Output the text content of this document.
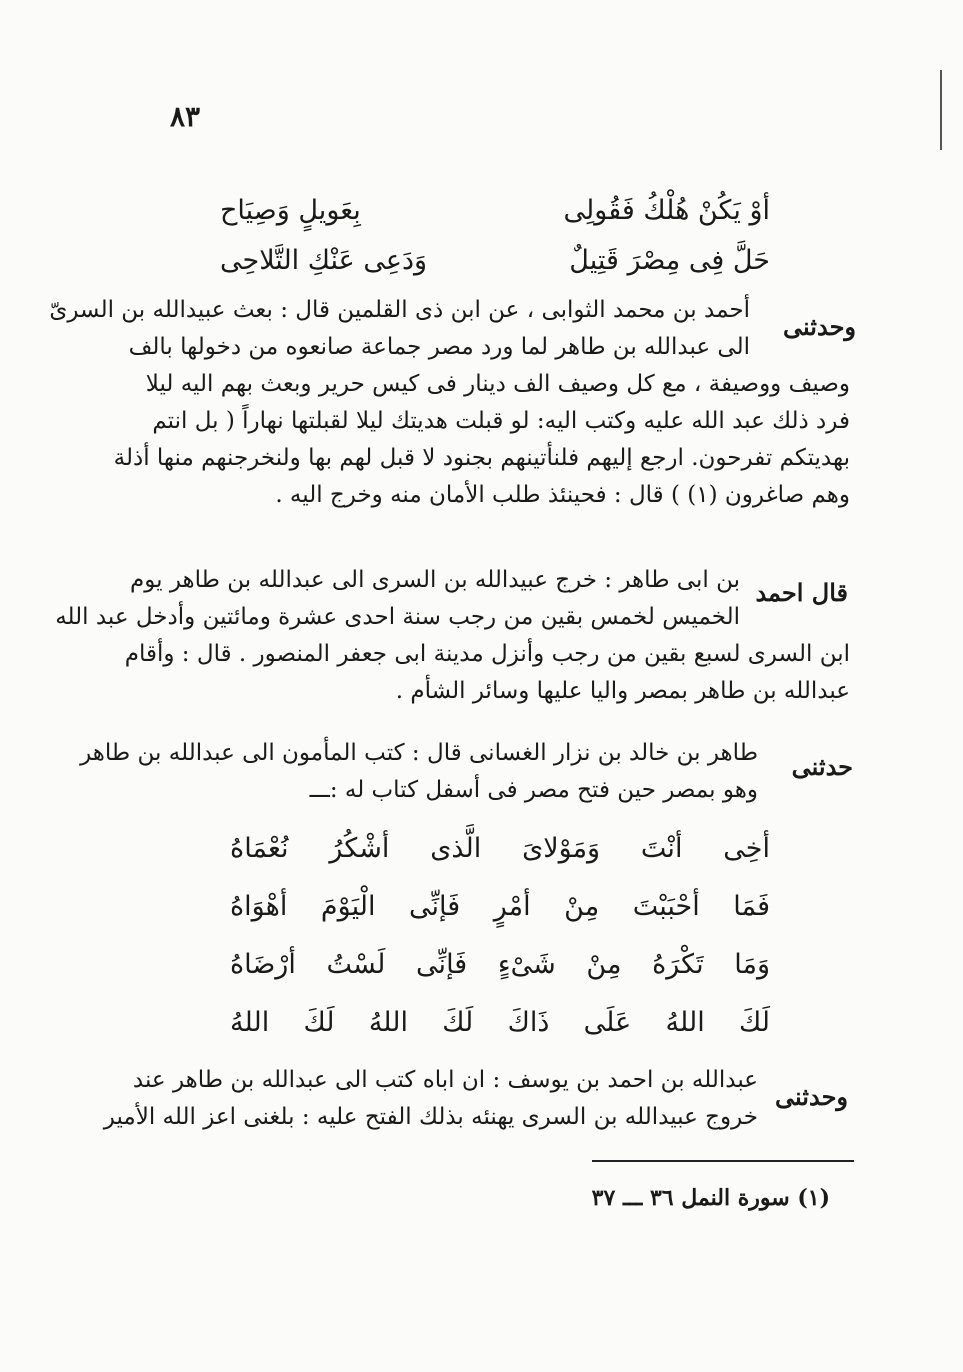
٨٣
أوْ يَكُنْ هُلْكُ فَقُولِى
بِعَويلٍ وَصِيَاح
حَلَّ فِى مِصْرَ قَتِيلٌ
وَدَعِى عَنْكِ التَّلاحِى
وحدثنى
أحمد بن محمد الثوابى ، عن ابن ذى القلمين قال : بعث عبيدالله بن السرىّ
الى عبدالله بن طاهر لما ورد مصر جماعة صانعوه من دخولها بالف
وصيف ووصيفة ، مع كل وصيف الف دينار فى كيس حرير وبعث بهم اليه ليلا
فرد ذلك عبد الله عليه وكتب اليه: لو قبلت هديتك ليلا لقبلتها نهاراً ( بل انتم
بهديتكم تفرحون. ارجع إليهم فلنأتينهم بجنود لا قبل لهم بها ولنخرجنهم منها أذلة
وهم صاغرون (١) ) قال : فحينئذ طلب الأمان منه وخرج اليه .
قال احمد
بن ابى طاهر : خرج عبيدالله بن السرى الى عبدالله بن طاهر يوم
الخميس لخمس بقين من رجب سنة احدى عشرة ومائتين وأدخل عبد الله
ابن السرى لسبع بقين من رجب وأنزل مدينة ابى جعفر المنصور . قال : وأقام
عبدالله بن طاهر بمصر واليا عليها وسائر الشأم .
حدثنى
طاهر بن خالد بن نزار الغسانى قال : كتب المأمون الى عبدالله بن طاهر
وهو بمصر حين فتح مصر فى أسفل كتاب له :ـــ
أخِى
أنْتَ
وَمَوْلاىَ
الَّذى
أشْكُرُ
نُعْمَاهُ
فَمَا
أحْبَبْتَ
مِنْ
أمْرٍ
فَإنِّى
الْيَوْمَ
أهْوَاهُ
وَمَا
تَكْرَهُ
مِنْ
شَىْءٍ
فَإنِّى
لَسْتُ
أرْضَاهُ
لَكَ
اللهُ
عَلَى
ذَاكَ
لَكَ
اللهُ
لَكَ
اللهُ
وحدثنى
عبدالله بن احمد بن يوسف : ان اباه كتب الى عبدالله بن طاهر عند
خروج عبيدالله بن السرى يهنئه بذلك الفتح عليه : بلغنى اعز الله الأمير
(١) سورة النمل ٣٦ ـــ ٣٧
